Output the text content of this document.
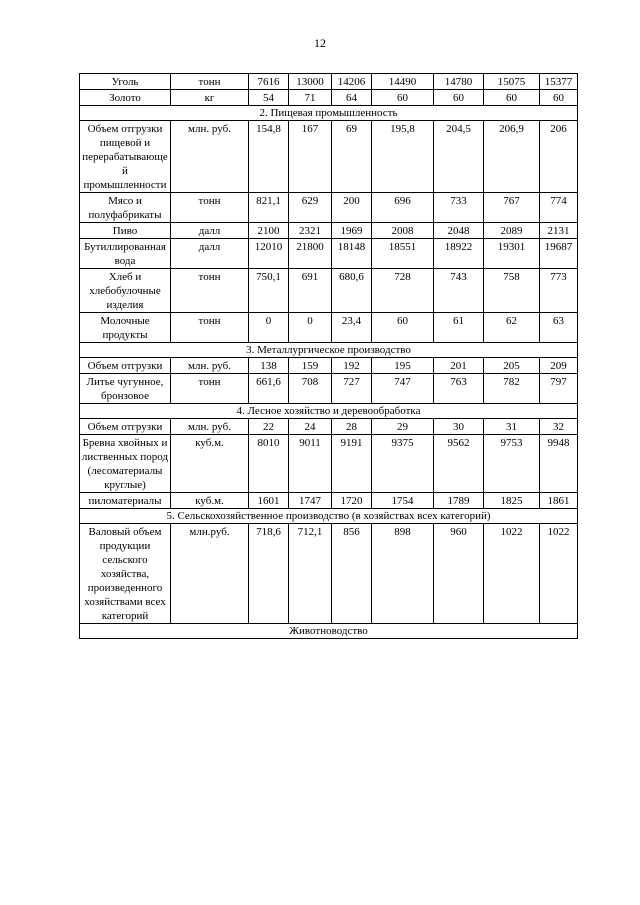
12
Уголь	тонн	7616	13000	14206	14490	14780	15075	15377
Золото	кг	54	71	64	60	60	60	60
2. Пищевая промышленность								
Объем отгрузки пищевой и перерабатывающей промышленности	млн. руб.	154,8	167	69	195,8	204,5	206,9	206
Мясо и полуфабрикаты	тонн	821,1	629	200	696	733	767	774
Пиво	далл	2100	2321	1969	2008	2048	2089	2131
Бутиллированная вода	далл	12010	21800	18148	18551	18922	19301	19687
Хлеб и хлебобулочные изделия	тонн	750,1	691	680,6	728	743	758	773
Молочные продукты	тонн	0	0	23,4	60	61	62	63
3. Металлургическое производство								
Объем отгрузки	млн. руб.	138	159	192	195	201	205	209
Литье чугунное, бронзовое	тонн	661,6	708	727	747	763	782	797
4. Лесное хозяйство и деревообработка								
Объем отгрузки	млн. руб.	22	24	28	29	30	31	32
Бревна хвойных и лиственных пород (лесоматериалы круглые)	куб.м.	8010	9011	9191	9375	9562	9753	9948
пиломатериалы	куб.м.	1601	1747	1720	1754	1789	1825	1861
5. Сельскохозяйственное производство (в хозяйствах всех категорий)								
Валовый объем продукции сельского хозяйства, произведенного хозяйствами всех категорий	млн.руб.	718,6	712,1	856	898	960	1022	1022
Животноводство								
